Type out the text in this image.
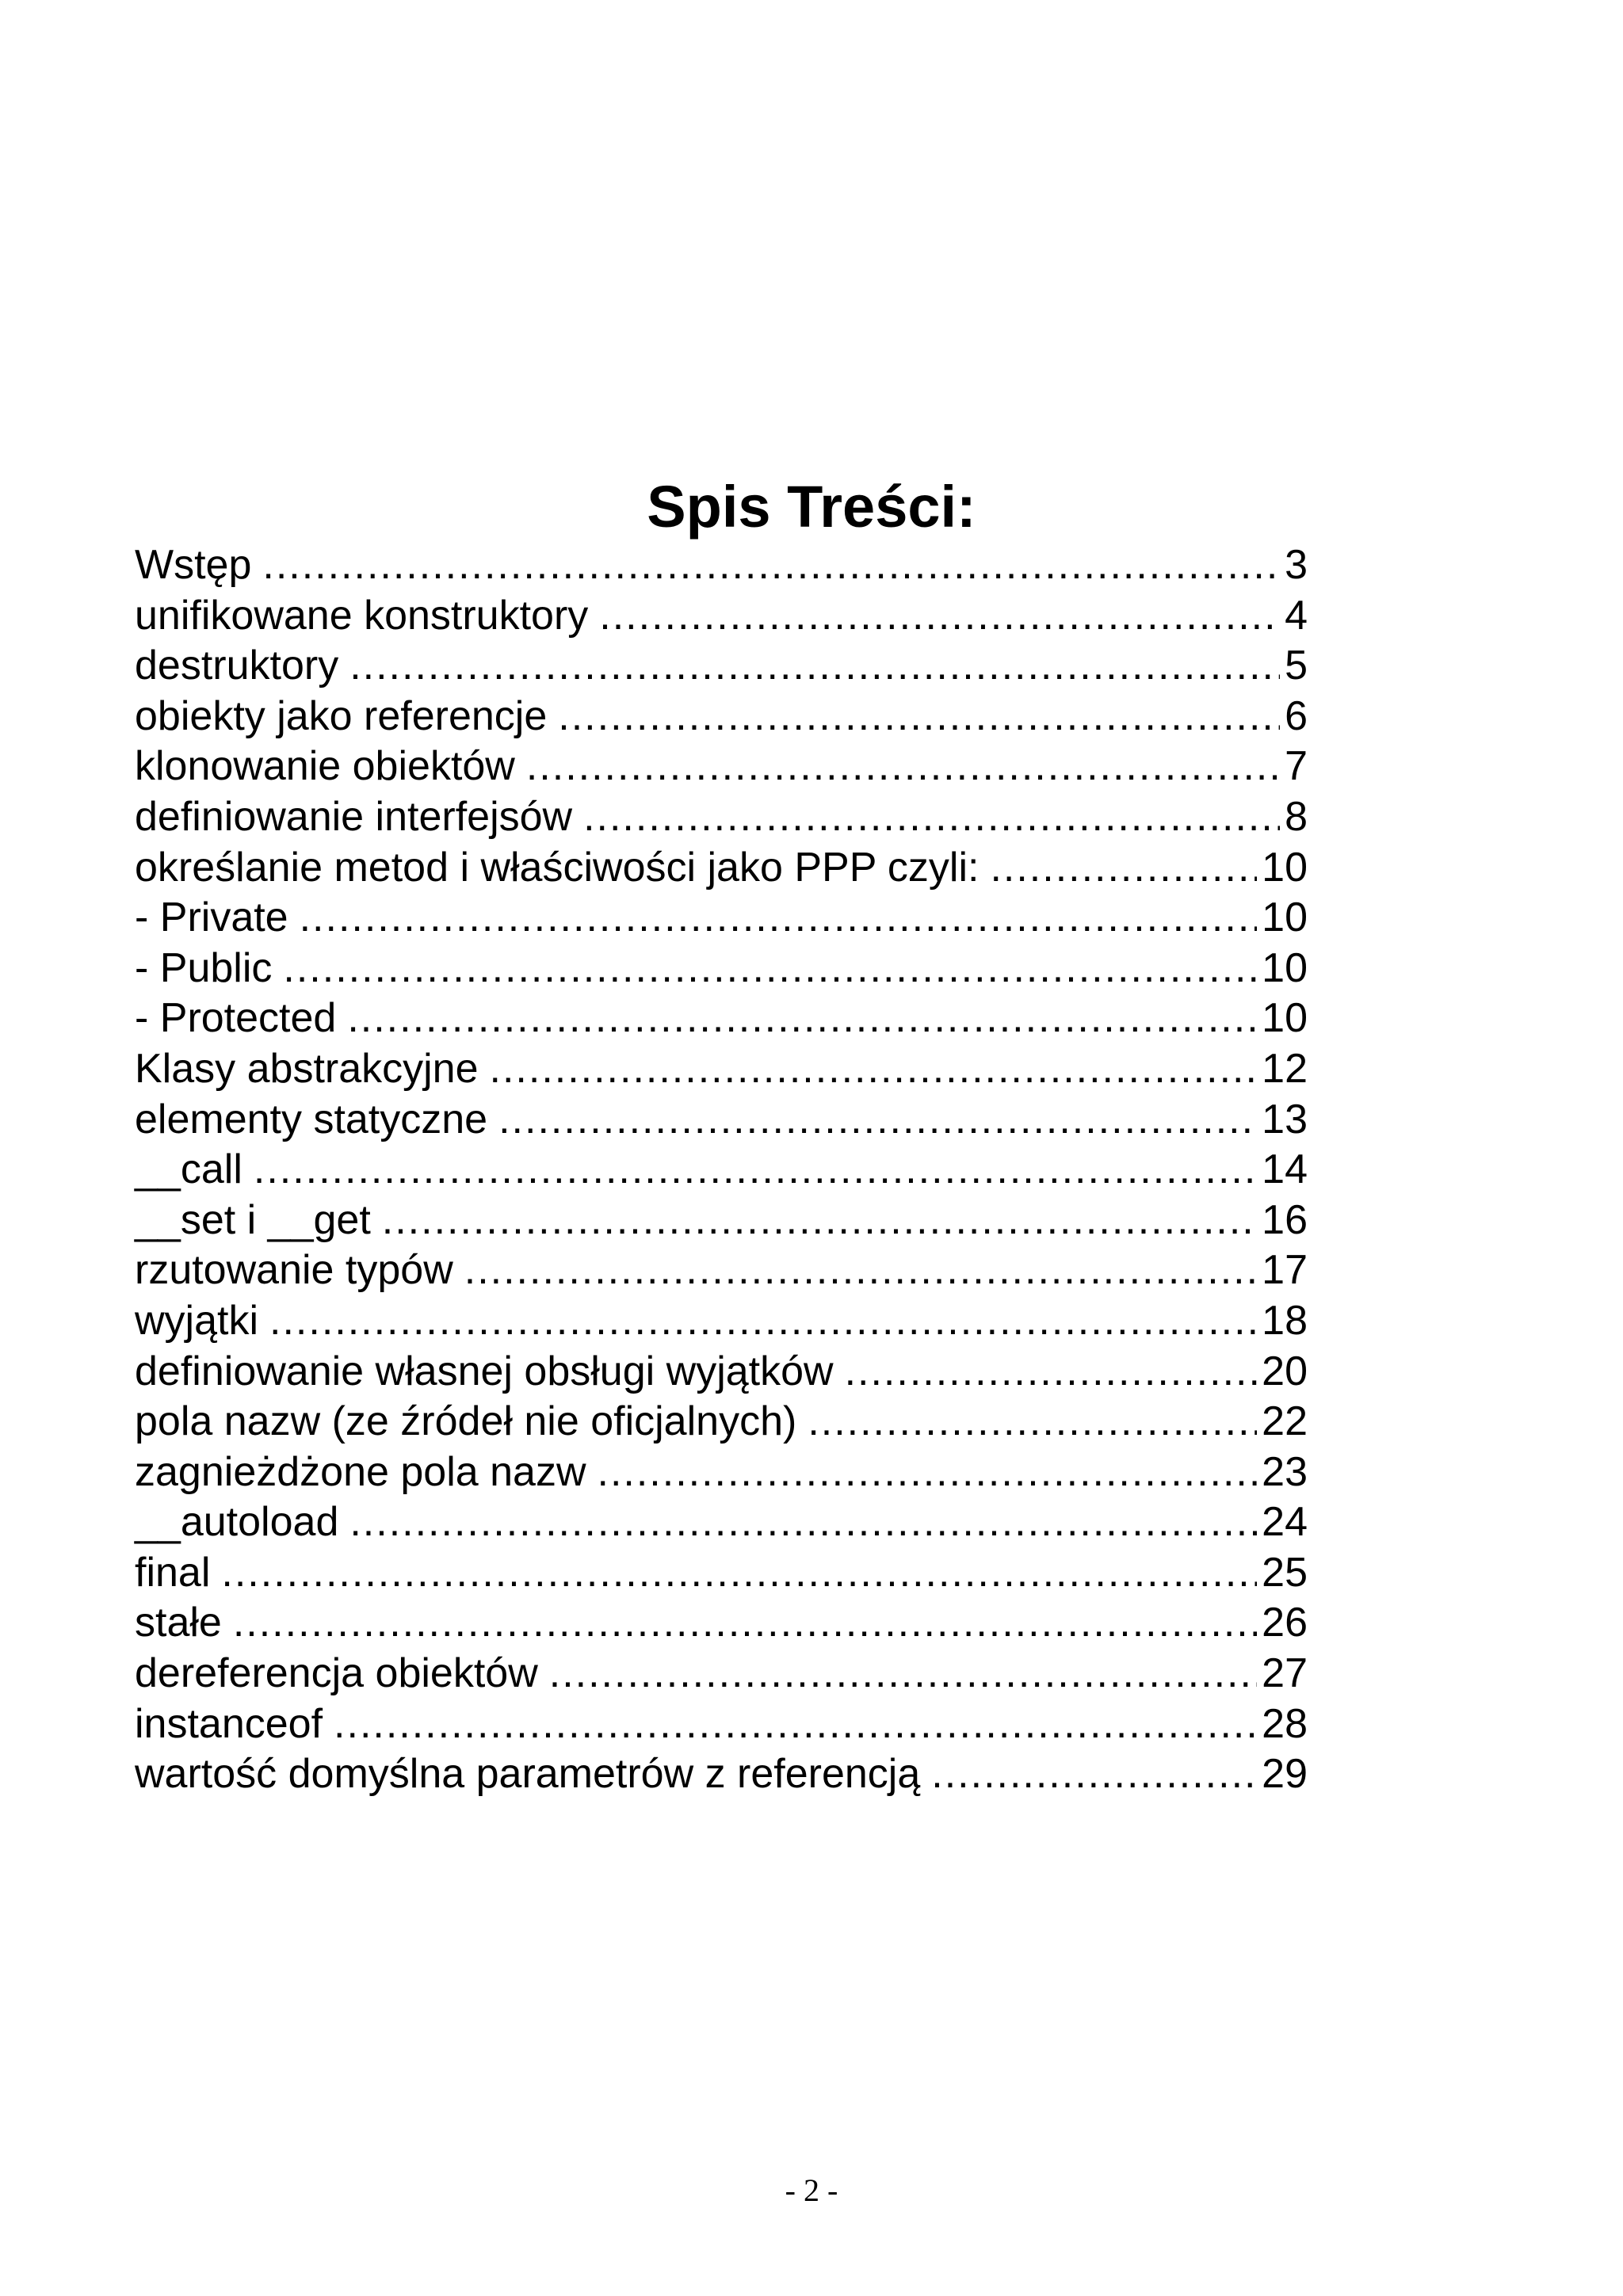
Spis Treści:
Wstęp .....	3
unifikowane konstruktory .....	4
destruktory .....	5
obiekty jako referencje .....	6
klonowanie obiektów .....	7
definiowanie interfejsów .....	8
określanie metod i właściwości jako PPP czyli: .....	10
- Private .....	10
- Public .....	10
- Protected .....	10
Klasy abstrakcyjne .....	12
elementy statyczne .....	13
__call .....	14
__set i __get .....	16
rzutowanie typów .....	17
wyjątki .....	18
definiowanie własnej obsługi wyjątków .....	20
pola nazw (ze źródeł nie oficjalnych) .....	22
zagnieżdżone pola nazw .....	23
__autoload .....	24
final .....	25
stałe .....	26
dereferencja obiektów .....	27
instanceof .....	28
wartość domyślna parametrów z referencją .....	29
- 2 -
